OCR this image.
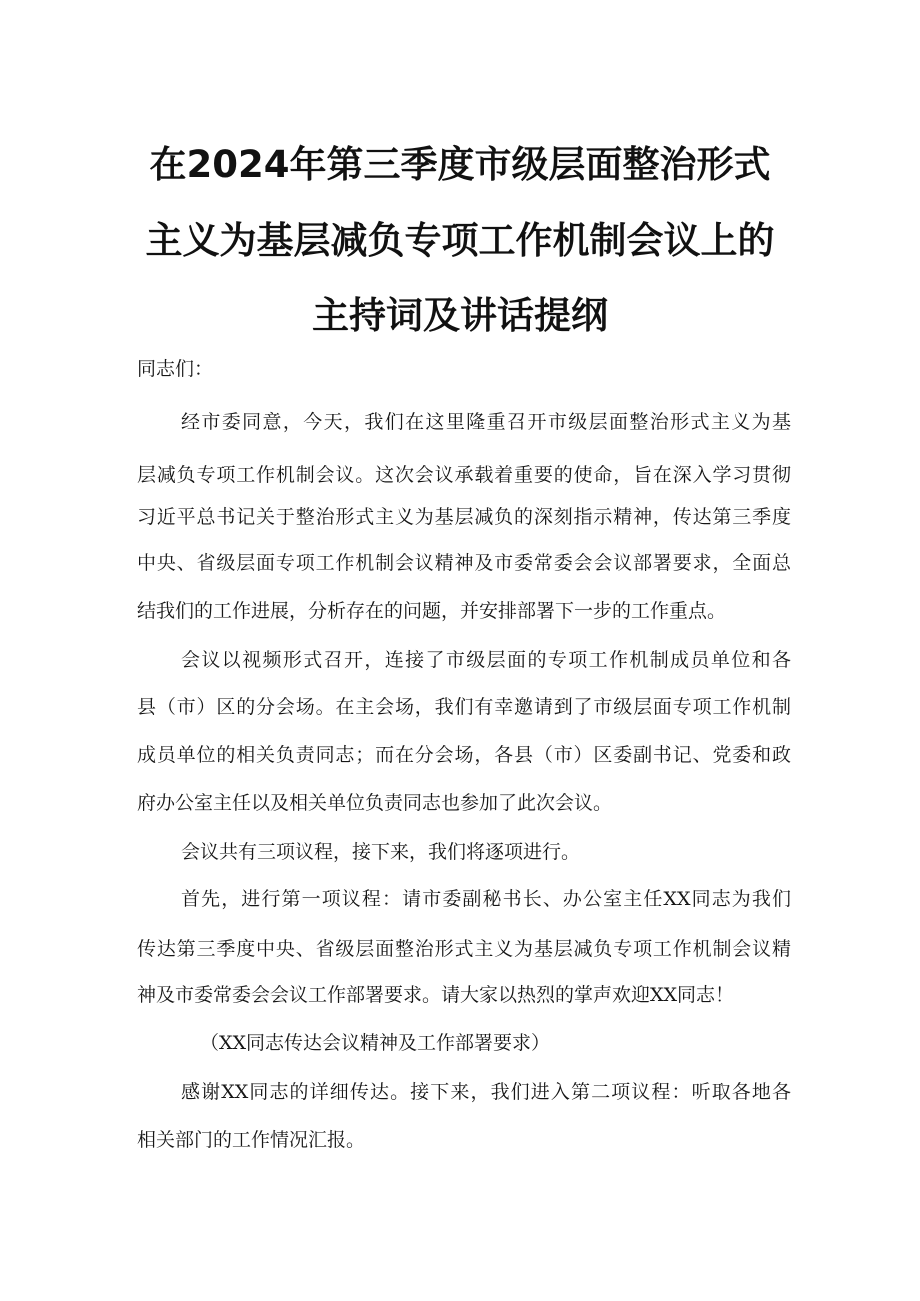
在2024年第三季度市级层面整治形式
主义为基层减负专项工作机制会议上的
主持词及讲话提纲
同志们：
经市委同意，今天，我们在这里隆重召开市级层面整治形式主义为基
层减负专项工作机制会议。这次会议承载着重要的使命，旨在深入学习贯彻
习近平总书记关于整治形式主义为基层减负的深刻指示精神，传达第三季度
中央、省级层面专项工作机制会议精神及市委常委会会议部署要求，全面总
结我们的工作进展，分析存在的问题，并安排部署下一步的工作重点。
会议以视频形式召开，连接了市级层面的专项工作机制成员单位和各
县（市）区的分会场。在主会场，我们有幸邀请到了市级层面专项工作机制
成员单位的相关负责同志；而在分会场，各县（市）区委副书记、党委和政
府办公室主任以及相关单位负责同志也参加了此次会议。
会议共有三项议程，接下来，我们将逐项进行。
首先，进行第一项议程：请市委副秘书长、办公室主任XX同志为我们
传达第三季度中央、省级层面整治形式主义为基层减负专项工作机制会议精
神及市委常委会会议工作部署要求。请大家以热烈的掌声欢迎XX同志！
（XX同志传达会议精神及工作部署要求）
感谢XX同志的详细传达。接下来，我们进入第二项议程：听取各地各
相关部门的工作情况汇报。
